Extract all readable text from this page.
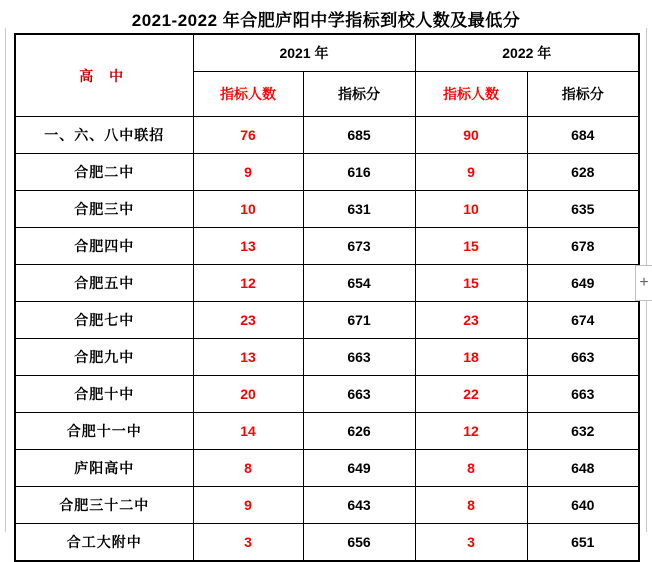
2021-2022 年合肥庐阳中学指标到校人数及最低分
高 中	2021 年		2022 年	
	指标人数	指标分	指标人数	指标分
一、六、八中联招	76	685	90	684
合肥二中	9	616	9	628
合肥三中	10	631	10	635
合肥四中	13	673	15	678
合肥五中	12	654	15	649
合肥七中	23	671	23	674
合肥九中	13	663	18	663
合肥十中	20	663	22	663
合肥十一中	14	626	12	632
庐阳高中	8	649	8	648
合肥三十二中	9	643	8	640
合工大附中	3	656	3	651
+
